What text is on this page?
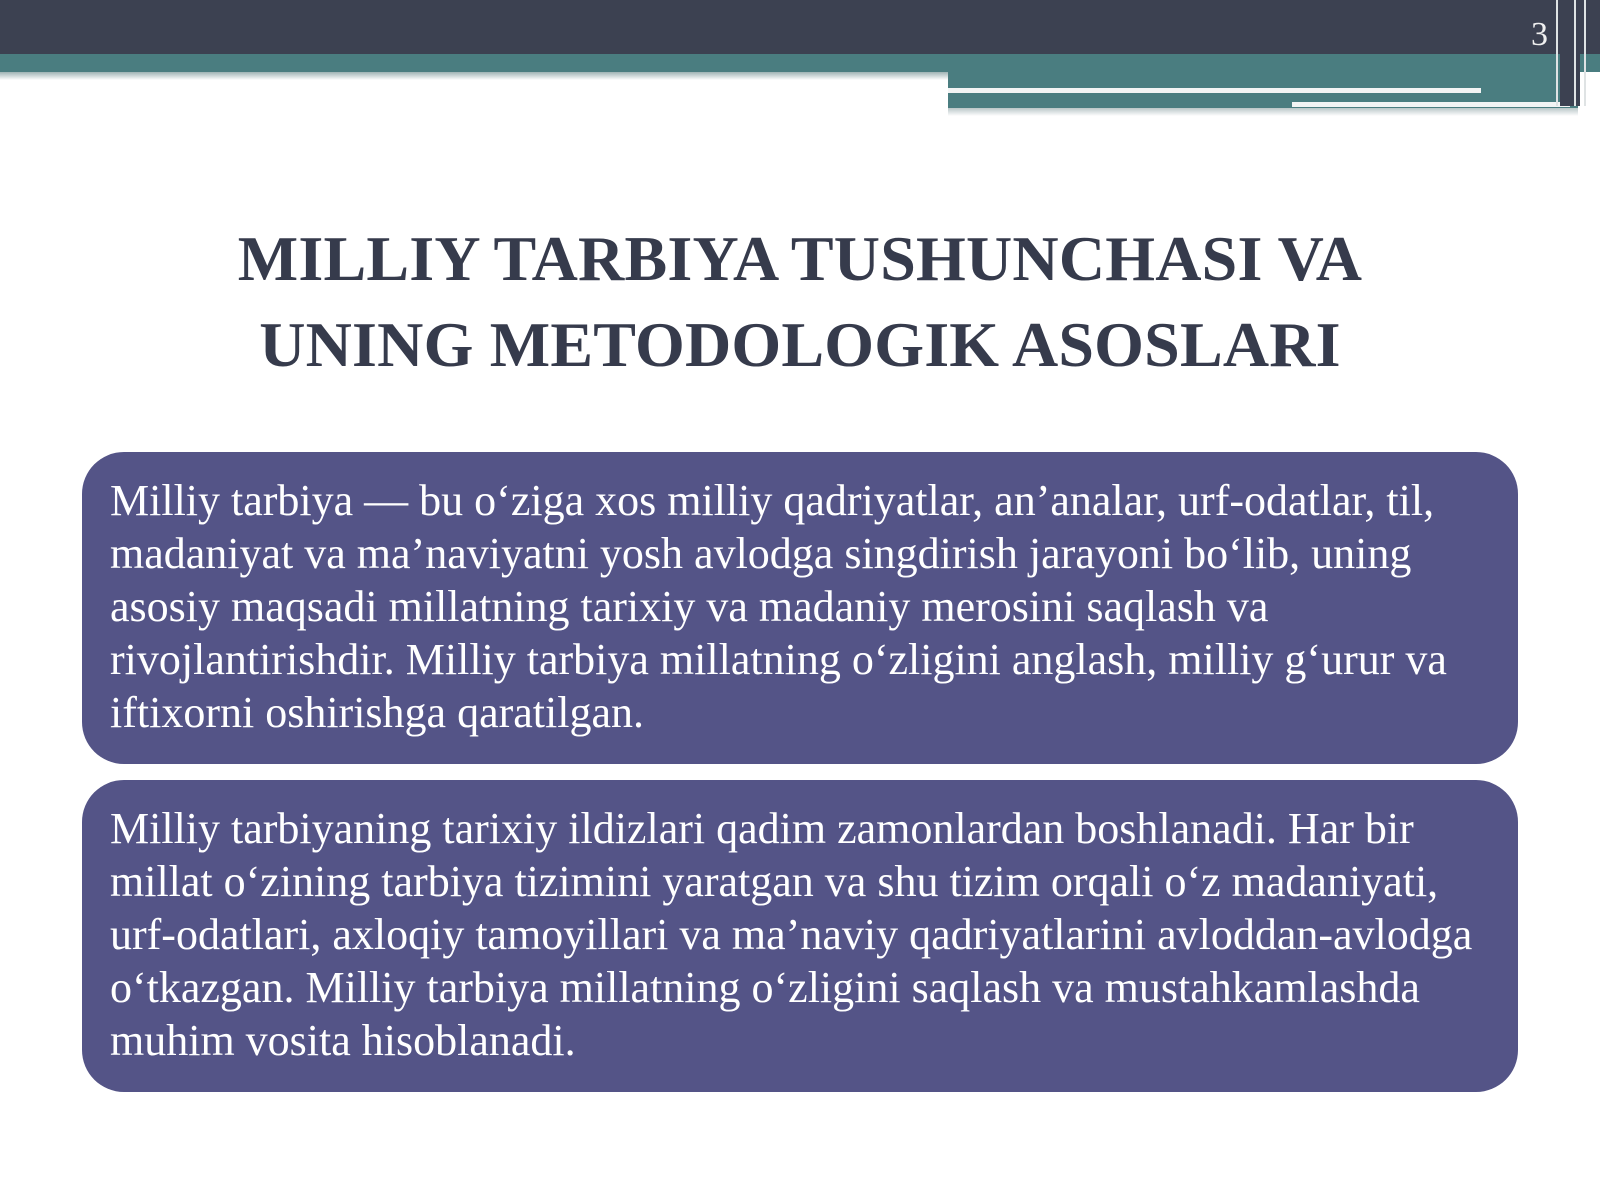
3
MILLIY TARBIYA TUSHUNCHASI VA
UNING METODOLOGIK ASOSLARI
Milliy tarbiya — bu o‘ziga xos milliy qadriyatlar, an’analar, urf-odatlar, til, madaniyat va ma’naviyatni yosh avlodga singdirish jarayoni bo‘lib, uning asosiy maqsadi millatning tarixiy va madaniy merosini saqlash va rivojlantirishdir. Milliy tarbiya millatning o‘zligini anglash, milliy g‘urur va iftixorni oshirishga qaratilgan.
Milliy tarbiyaning tarixiy ildizlari qadim zamonlardan boshlanadi. Har bir millat o‘zining tarbiya tizimini yaratgan va shu tizim orqali o‘z madaniyati, urf-odatlari, axloqiy tamoyillari va ma’naviy qadriyatlarini avloddan-avlodga o‘tkazgan. Milliy tarbiya millatning o‘zligini saqlash va mustahkamlashda muhim vosita hisoblanadi.
